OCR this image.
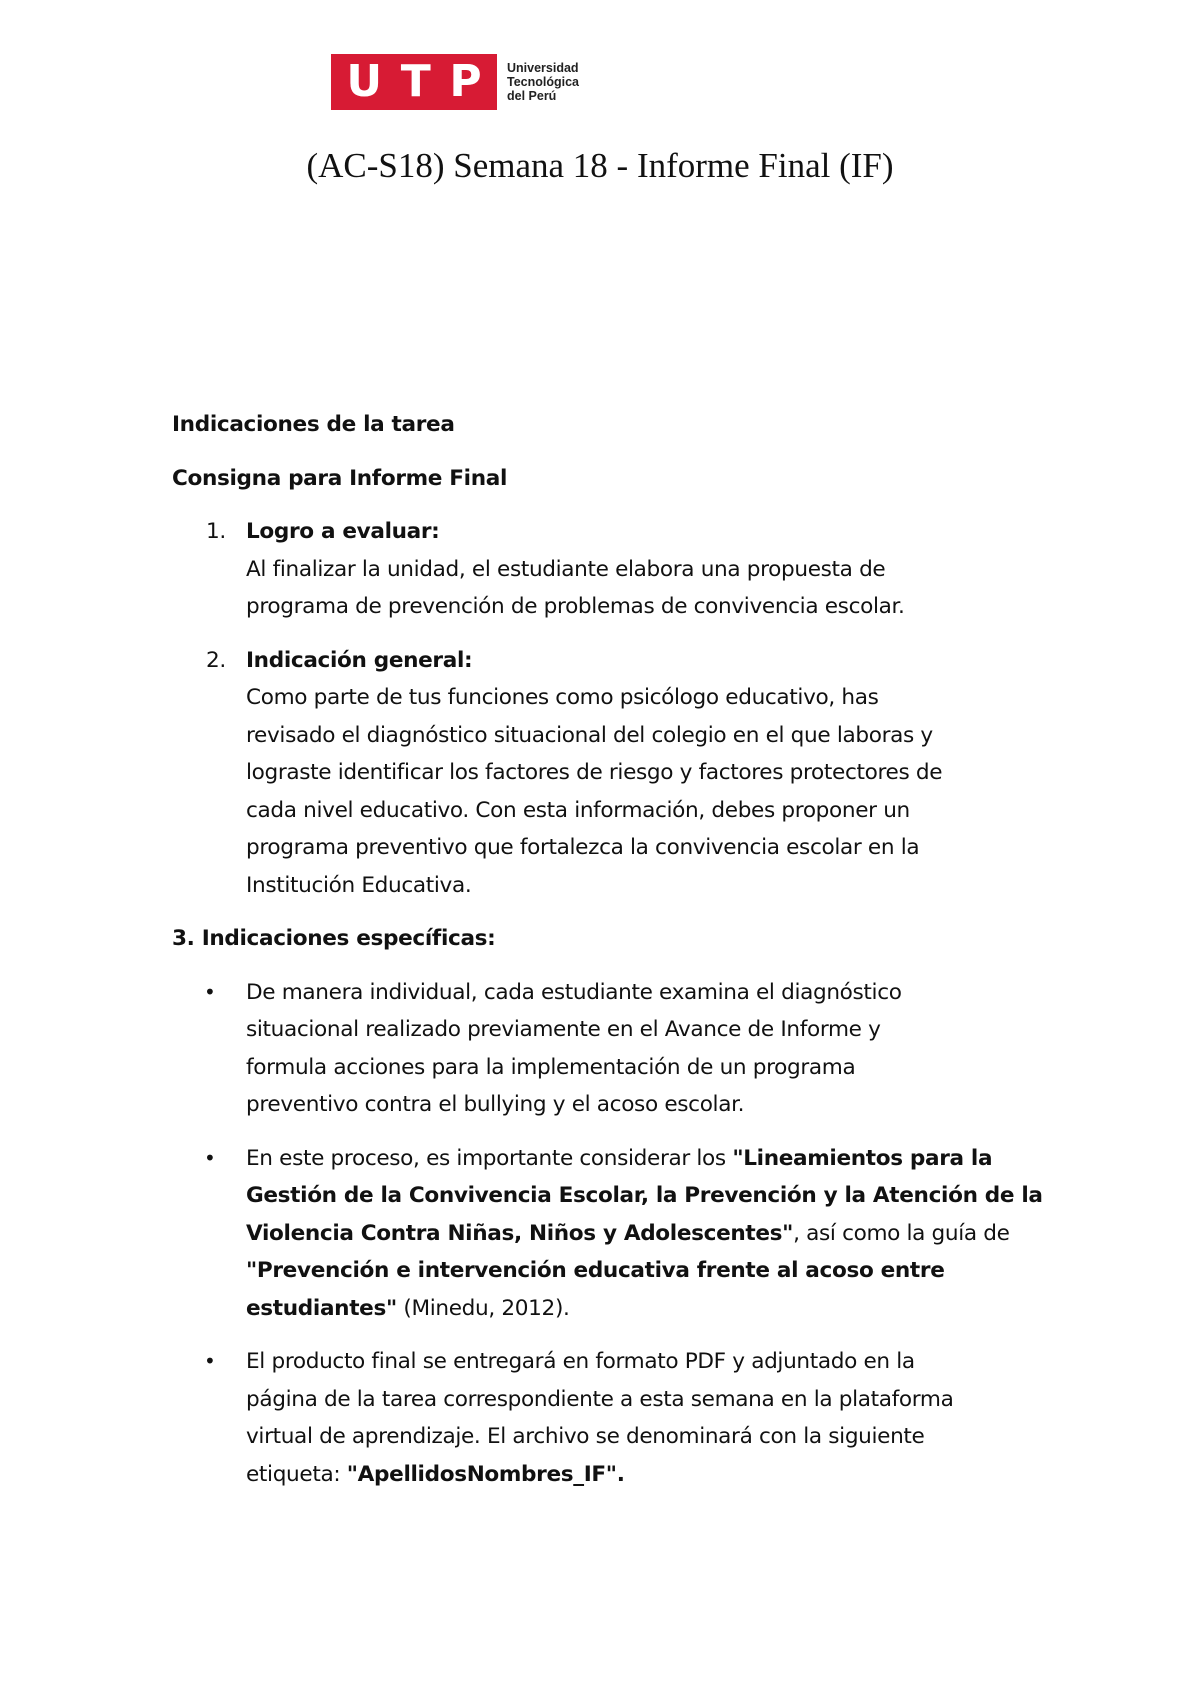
U T P Universidad
Tecnológica
del Perú
(AC-S18) Semana 18 - Informe Final (IF)

Indicaciones de la tarea

Consigna para Informe Final

1. Logro a evaluar:
Al finalizar la unidad, el estudiante elabora una propuesta de
programa de prevención de problemas de convivencia escolar.
2. Indicación general:
Como parte de tus funciones como psicólogo educativo, has
revisado el diagnóstico situacional del colegio en el que laboras y
lograste identificar los factores de riesgo y factores protectores de
cada nivel educativo. Con esta información, debes proponer un
programa preventivo que fortalezca la convivencia escolar en la
Institución Educativa.

3. Indicaciones específicas:

• De manera individual, cada estudiante examina el diagnóstico
situacional realizado previamente en el Avance de Informe y
formula acciones para la implementación de un programa
preventivo contra el bullying y el acoso escolar.
• En este proceso, es importante considerar los "Lineamientos para la
Gestión de la Convivencia Escolar, la Prevención y la Atención de la
Violencia Contra Niñas, Niños y Adolescentes", así como la guía de
"Prevención e intervención educativa frente al acoso entre
estudiantes" (Minedu, 2012).
• El producto final se entregará en formato PDF y adjuntado en la
página de la tarea correspondiente a esta semana en la plataforma
virtual de aprendizaje. El archivo se denominará con la siguiente
etiqueta: "ApellidosNombres_IF".
